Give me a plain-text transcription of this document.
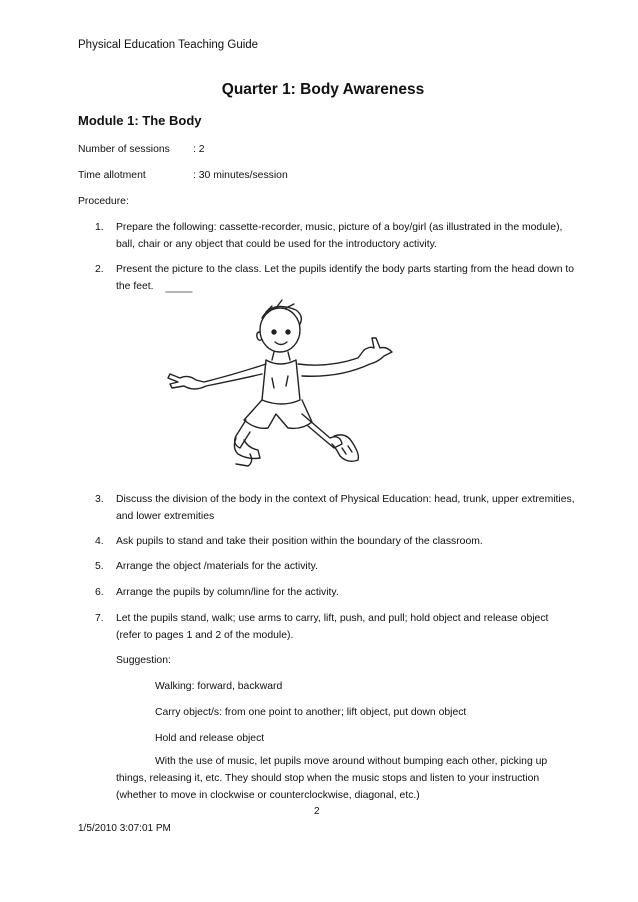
Physical Education Teaching Guide
Quarter 1: Body Awareness
Module 1: The Body
Number of sessions : 2
Time allotment	: 30 minutes/session
Procedure:
1. Prepare the following: cassette-recorder, music, picture of a boy/girl (as illustrated in the module), ball, chair or any object that could be used for the introductory activity.
2. Present the picture to the class. Let the pupils identify the body parts starting from the head down to the feet.
3. Discuss the division of the body in the context of Physical Education: head, trunk, upper extremities, and lower extremities
4. Ask pupils to stand and take their position within the boundary of the classroom.
5. Arrange the object /materials for the activity.
6. Arrange the pupils by column/line for the activity.
7. Let the pupils stand, walk; use arms to carry, lift, push, and pull; hold object and release object (refer to pages 1 and 2 of the module).
Suggestion:
Walking: forward, backward
Carry object/s: from one point to another; lift object, put down object
Hold and release object
With the use of music, let pupils move around without bumping each other, picking up things, releasing it, etc. They should stop when the music stops and listen to your instruction (whether to move in clockwise or counterclockwise, diagonal, etc.)
2
1/5/2010 3:07:01 PM
